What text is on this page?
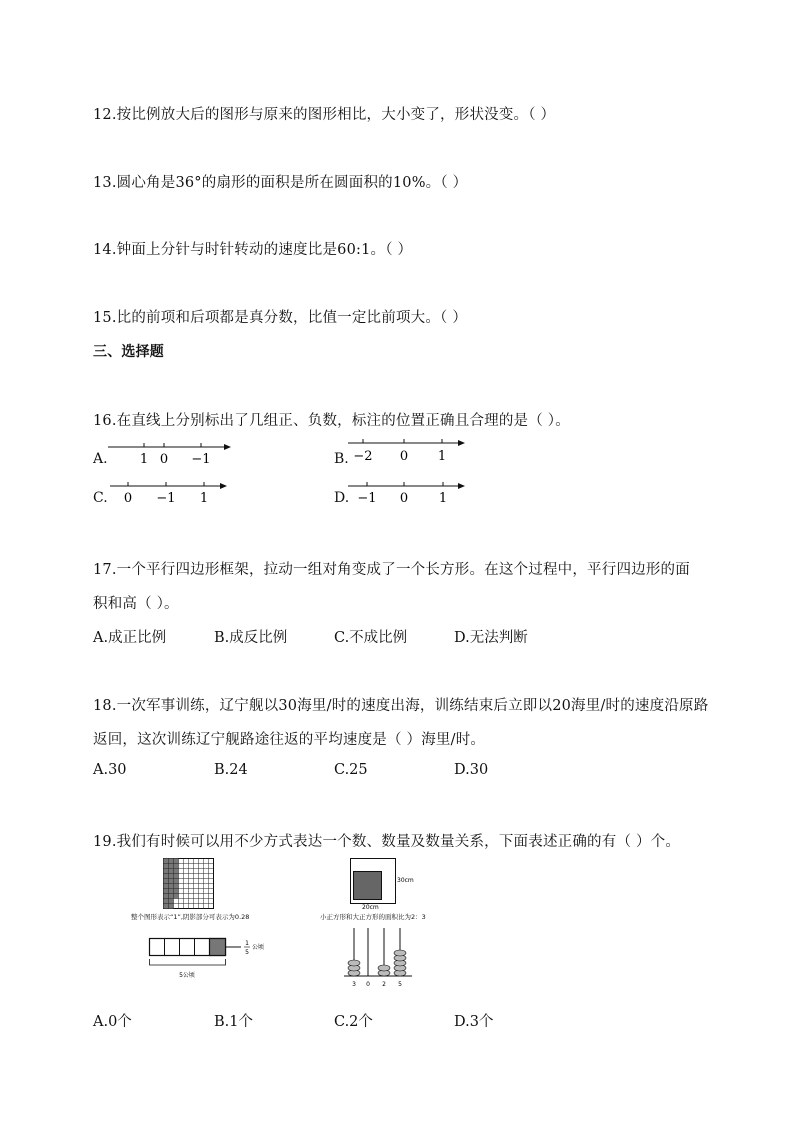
12.按比例放大后的图形与原来的图形相比，大小变了，形状没变。（ ）
13.圆心角是36°的扇形的面积是所在圆面积的10%。（ ）
14.钟面上分针与时针转动的速度比是60:1。（ ）
15.比的前项和后项都是真分数，比值一定比前项大。（ ）
三、选择题
16.在直线上分别标出了几组正、负数，标注的位置正确且合理的是（ ）。
A. 1 0 −1	B. −2 0 1
C. 0 −1 1	D. −1 0 1
17.一个平行四边形框架，拉动一组对角变成了一个长方形。在这个过程中，平行四边形的面
积和高（ ）。
A.成正比例	B.成反比例	C.不成比例	D.无法判断
18.一次军事训练，辽宁舰以30海里/时的速度出海，训练结束后立即以20海里/时的速度沿原路
返回，这次训练辽宁舰路途往返的平均速度是（ ）海里/时。
A.30	B.24	C.25	D.30
19.我们有时候可以用不少方式表达一个数、数量及数量关系，下面表述正确的有（ ）个。
整个图形表示“1”,阴影部分可表示为0.28
30cm
20cm
小正方形和大正方形的面积比为2：3
1
5
公顷
5公顷
3 0 2 5
A.0个	B.1个	C.2个	D.3个
